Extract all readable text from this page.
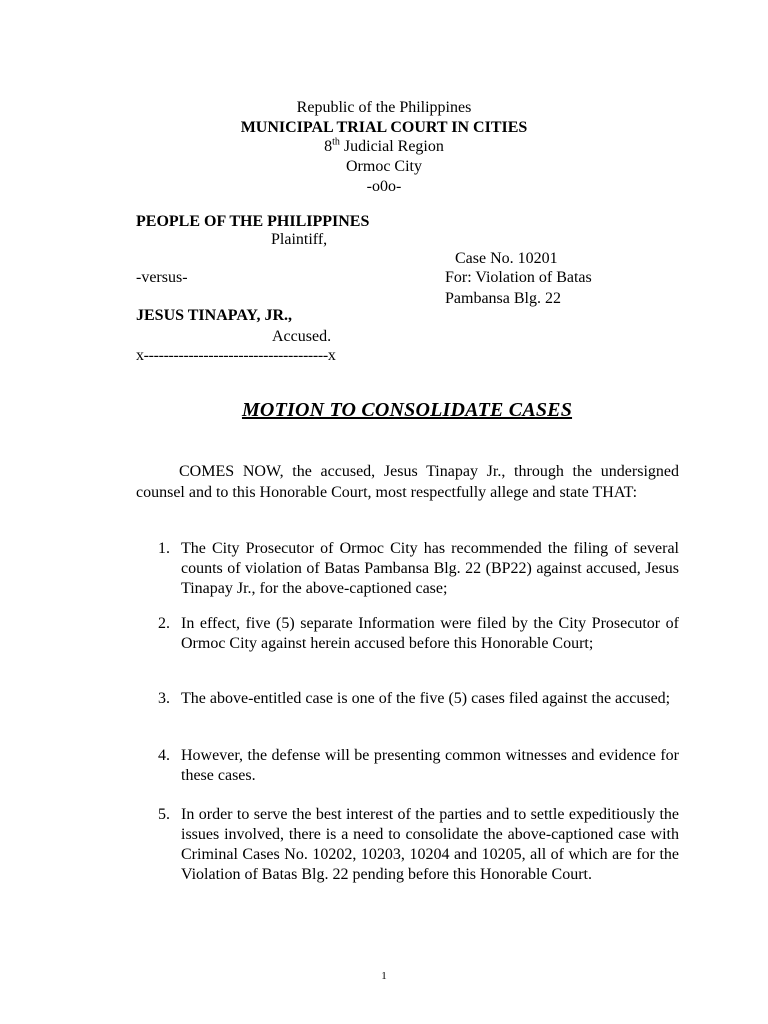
Republic of the Philippines
MUNICIPAL TRIAL COURT IN CITIES
8th Judicial Region
Ormoc City
-o0o-
PEOPLE OF THE PHILIPPINES
Plaintiff,
Case No. 10201
-versus-	For: Violation of Batas
Pambansa Blg. 22
JESUS TINAPAY, JR.,
Accused.
x-------------------------------------x
MOTION TO CONSOLIDATE CASES
COMES NOW, the accused, Jesus Tinapay Jr., through the undersigned counsel and to this Honorable Court, most respectfully allege and state THAT:
1. The City Prosecutor of Ormoc City has recommended the filing of several counts of violation of Batas Pambansa Blg. 22 (BP22) against accused, Jesus Tinapay Jr., for the above-captioned case;
2. In effect, five (5) separate Information were filed by the City Prosecutor of Ormoc City against herein accused before this Honorable Court;
3. The above-entitled case is one of the five (5) cases filed against the accused;
4. However, the defense will be presenting common witnesses and evidence for these cases.
5. In order to serve the best interest of the parties and to settle expeditiously the issues involved, there is a need to consolidate the above-captioned case with Criminal Cases No. 10202, 10203, 10204 and 10205, all of which are for the Violation of Batas Blg. 22 pending before this Honorable Court.
1
